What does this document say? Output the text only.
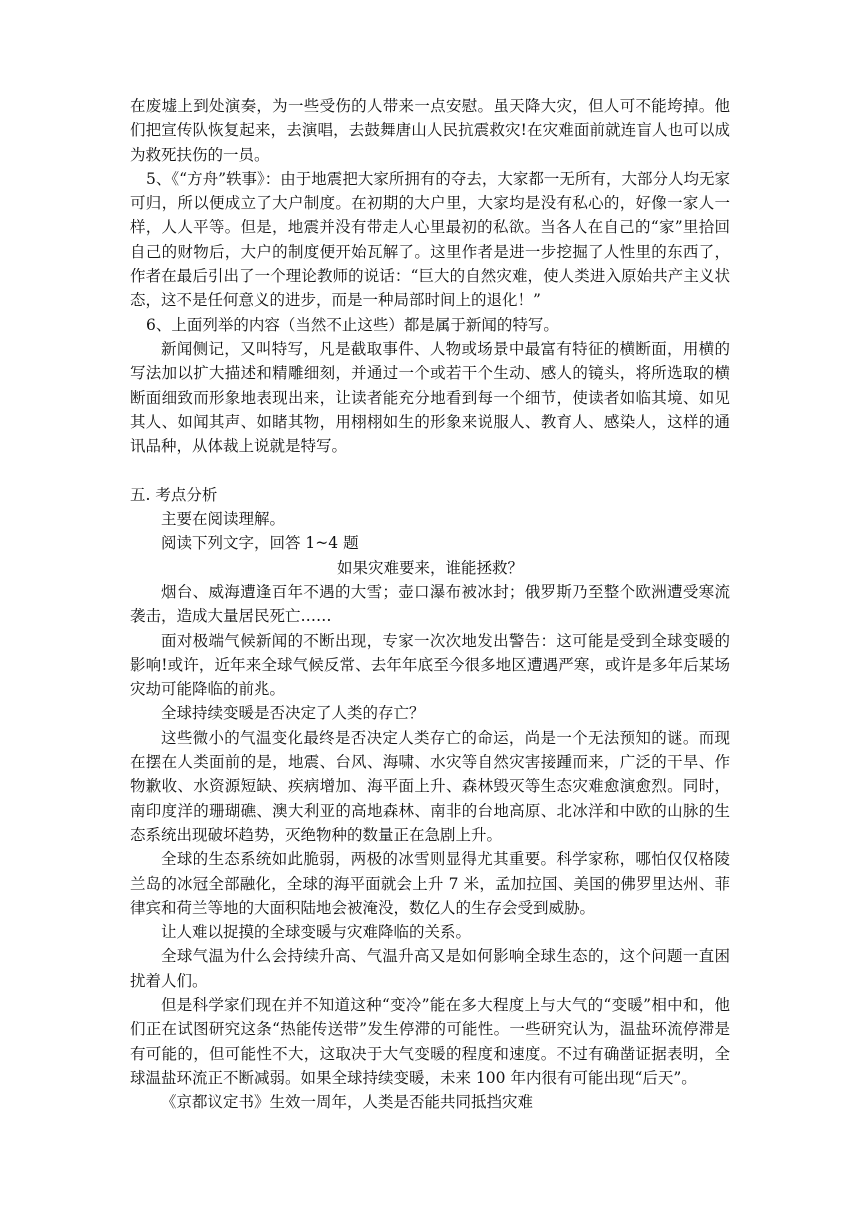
在废墟上到处演奏，为一些受伤的人带来一点安慰。虽天降大灾，但人可不能垮掉。他们把宣传队恢复起来，去演唱，去鼓舞唐山人民抗震救灾!在灾难面前就连盲人也可以成为救死扶伤的一员。

5、《“方舟”轶事》：由于地震把大家所拥有的夺去，大家都一无所有，大部分人均无家可归，所以便成立了大户制度。在初期的大户里，大家均是没有私心的，好像一家人一样，人人平等。但是，地震并没有带走人心里最初的私欲。当各人在自己的“家”里拾回自己的财物后，大户的制度便开始瓦解了。这里作者是进一步挖掘了人性里的东西了，作者在最后引出了一个理论教师的说话：“巨大的自然灾难，使人类进入原始共产主义状态，这不是任何意义的进步，而是一种局部时间上的退化！”

6、上面列举的内容（当然不止这些）都是属于新闻的特写。

新闻侧记，又叫特写，凡是截取事件、人物或场景中最富有特征的横断面，用横的写法加以扩大描述和精雕细刻，并通过一个或若干个生动、感人的镜头，将所选取的横断面细致而形象地表现出来，让读者能充分地看到每一个细节，使读者如临其境、如见其人、如闻其声、如睹其物，用栩栩如生的形象来说服人、教育人、感染人，这样的通讯品种，从体裁上说就是特写。

五. 考点分析

主要在阅读理解。

阅读下列文字，回答 1~4 题

如果灾难要来，谁能拯救？

烟台、威海遭逢百年不遇的大雪；壶口瀑布被冰封；俄罗斯乃至整个欧洲遭受寒流袭击，造成大量居民死亡……

面对极端气候新闻的不断出现，专家一次次地发出警告：这可能是受到全球变暖的影响!或许，近年来全球气候反常、去年年底至今很多地区遭遇严寒，或许是多年后某场灾劫可能降临的前兆。

全球持续变暖是否决定了人类的存亡？

这些微小的气温变化最终是否决定人类存亡的命运，尚是一个无法预知的谜。而现在摆在人类面前的是，地震、台风、海啸、水灾等自然灾害接踵而来，广泛的干旱、作物歉收、水资源短缺、疾病增加、海平面上升、森林毁灭等生态灾难愈演愈烈。同时，南印度洋的珊瑚礁、澳大利亚的高地森林、南非的台地高原、北冰洋和中欧的山脉的生态系统出现破坏趋势，灭绝物种的数量正在急剧上升。

全球的生态系统如此脆弱，两极的冰雪则显得尤其重要。科学家称，哪怕仅仅格陵兰岛的冰冠全部融化，全球的海平面就会上升 7 米，孟加拉国、美国的佛罗里达州、菲律宾和荷兰等地的大面积陆地会被淹没，数亿人的生存会受到威胁。

让人难以捉摸的全球变暖与灾难降临的关系。

全球气温为什么会持续升高、气温升高又是如何影响全球生态的，这个问题一直困扰着人们。

但是科学家们现在并不知道这种“变冷”能在多大程度上与大气的“变暖”相中和，他们正在试图研究这条“热能传送带”发生停滞的可能性。一些研究认为，温盐环流停滞是有可能的，但可能性不大，这取决于大气变暖的程度和速度。不过有确凿证据表明，全球温盐环流正不断减弱。如果全球持续变暖，未来 100 年内很有可能出现“后天”。

《京都议定书》生效一周年，人类是否能共同抵挡灾难
